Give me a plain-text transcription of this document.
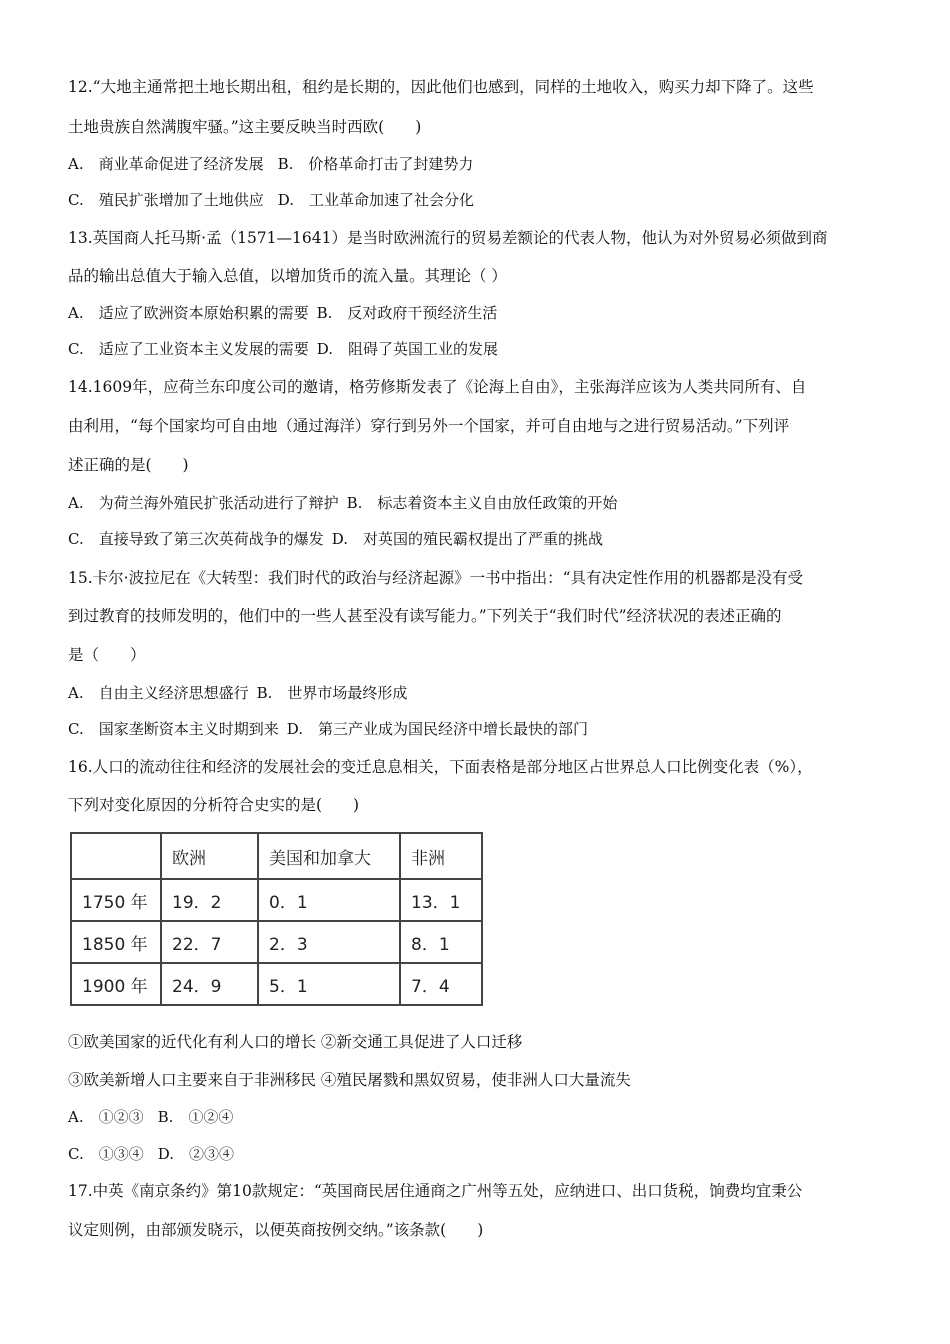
12.“大地主通常把土地长期出租，租约是长期的，因此他们也感到，同样的土地收入，购买力却下降了。这些
土地贵族自然满腹牢骚。”这主要反映当时西欧(　　)
A.　商业革命促进了经济发展 B.　价格革命打击了封建势力
C.　殖民扩张增加了土地供应 D.　工业革命加速了社会分化
13.英国商人托马斯·孟（1571—1641）是当时欧洲流行的贸易差额论的代表人物，他认为对外贸易必须做到商
品的输出总值大于输入总值，以增加货币的流入量。其理论（ ）
A.　适应了欧洲资本原始积累的需要 B.　反对政府干预经济生活
C.　适应了工业资本主义发展的需要 D.　阻碍了英国工业的发展
14.1609年，应荷兰东印度公司的邀请，格劳修斯发表了《论海上自由》，主张海洋应该为人类共同所有、自
由利用，“每个国家均可自由地（通过海洋）穿行到另外一个国家，并可自由地与之进行贸易活动。”下列评
述正确的是(　　)
A.　为荷兰海外殖民扩张活动进行了辩护 B.　标志着资本主义自由放任政策的开始
C.　直接导致了第三次英荷战争的爆发 D.　对英国的殖民霸权提出了严重的挑战
15.卡尔·波拉尼在《大转型：我们时代的政治与经济起源》一书中指出：“具有决定性作用的机器都是没有受
到过教育的技师发明的，他们中的一些人甚至没有读写能力。”下列关于“我们时代”经济状况的表述正确的
是（　　）
A.　自由主义经济思想盛行 B.　世界市场最终形成
C.　国家垄断资本主义时期到来 D.　第三产业成为国民经济中增长最快的部门
16.人口的流动往往和经济的发展社会的变迁息息相关，下面表格是部分地区占世界总人口比例变化表（%），
下列对变化原因的分析符合史实的是(　　)
	欧洲	美国和加拿大	非洲
1750 年	19．2	0．1	13．1
1850 年	22．7	2．3	8．1
1900 年	24．9	5．1	7．4
①欧美国家的近代化有利人口的增长 ②新交通工具促进了人口迁移
③欧美新增人口主要来自于非洲移民 ④殖民屠戮和黑奴贸易，使非洲人口大量流失
A.　①②③ B.　①②④
C.　①③④ D.　②③④
17.中英《南京条约》第10款规定：“英国商民居住通商之广州等五处，应纳进口、出口货税，饷费均宜秉公
议定则例，由部颁发晓示，以便英商按例交纳。”该条款(　　)
